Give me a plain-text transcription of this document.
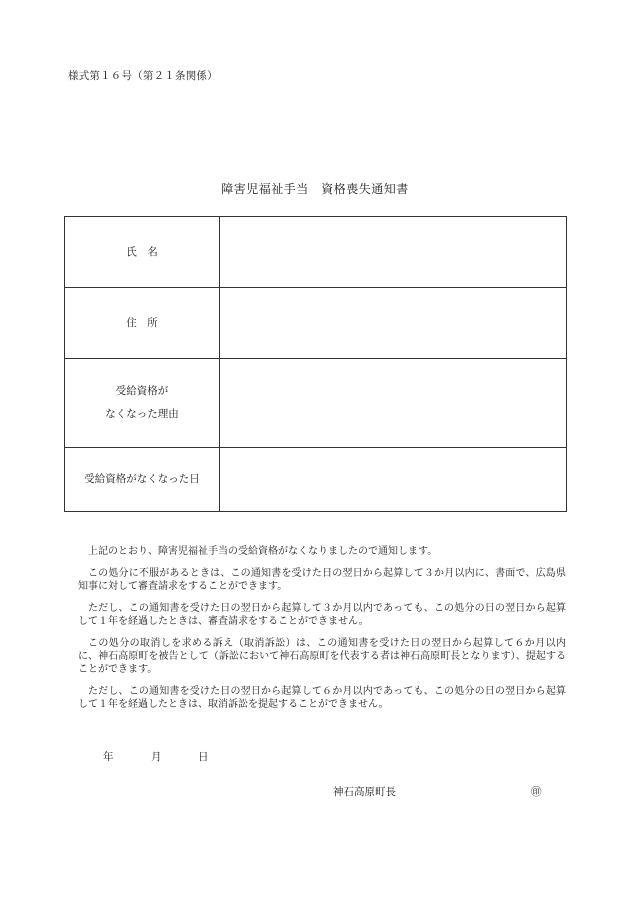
様式第１６号（第２１条関係）
障害児福祉手当　資格喪失通知書
氏　名	

住　所	

受給資格が
なくなった理由	

受給資格がなくなった日	

上記のとおり、障害児福祉手当の受給資格がなくなりましたので通知します。

この処分に不服があるときは、この通知書を受けた日の翌日から起算して３か月以内に、書面で、広島県知事に対して審査請求をすることができます。

ただし、この通知書を受けた日の翌日から起算して３か月以内であっても、この処分の日の翌日から起算して１年を経過したときは、審査請求をすることができません。

この処分の取消しを求める訴え（取消訴訟）は、この通知書を受けた日の翌日から起算して６か月以内に、神石高原町を被告として（訴訟において神石高原町を代表する者は神石高原町長となります）、提起することができます。

ただし、この通知書を受けた日の翌日から起算して６か月以内であっても、この処分の日の翌日から起算して１年を経過したときは、取消訴訟を提起することができません。

年	月	日
神石高原町長	㊞
